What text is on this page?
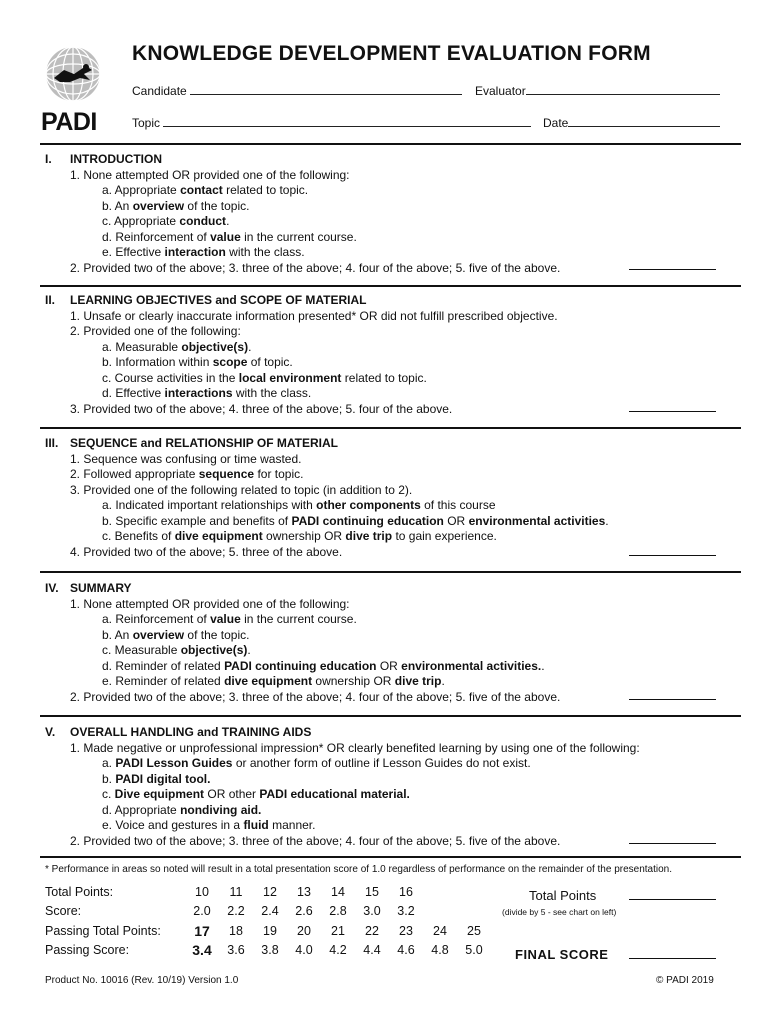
PADI
KNOWLEDGE DEVELOPMENT EVALUATION FORM
Candidate	Evaluator
Topic	Date
I. INTRODUCTION
1. None attempted OR provided one of the following:
a. Appropriate contact related to topic.
b. An overview of the topic.
c. Appropriate conduct.
d. Reinforcement of value in the current course.
e. Effective interaction with the class.
2. Provided two of the above; 3. three of the above; 4. four of the above; 5. five of the above.
II. LEARNING OBJECTIVES and SCOPE OF MATERIAL
1. Unsafe or clearly inaccurate information presented* OR did not fulfill prescribed objective.
2. Provided one of the following:
a. Measurable objective(s).
b. Information within scope of topic.
c. Course activities in the local environment related to topic.
d. Effective interactions with the class.
3. Provided two of the above; 4. three of the above; 5. four of the above.
III. SEQUENCE and RELATIONSHIP OF MATERIAL
1. Sequence was confusing or time wasted.
2. Followed appropriate sequence for topic.
3. Provided one of the following related to topic (in addition to 2).
a. Indicated important relationships with other components of this course
b. Specific example and benefits of PADI continuing education OR environmental activities.
c. Benefits of dive equipment ownership OR dive trip to gain experience.
4. Provided two of the above; 5. three of the above.
IV. SUMMARY
1. None attempted OR provided one of the following:
a. Reinforcement of value in the current course.
b. An overview of the topic.
c. Measurable objective(s).
d. Reminder of related PADI continuing education OR environmental activities..
e. Reminder of related dive equipment ownership OR dive trip.
2. Provided two of the above; 3. three of the above; 4. four of the above; 5. five of the above.
V. OVERALL HANDLING and TRAINING AIDS
1. Made negative or unprofessional impression* OR clearly benefited learning by using one of the following:
a. PADI Lesson Guides or another form of outline if Lesson Guides do not exist.
b. PADI digital tool.
c. Dive equipment OR other PADI educational material.
d. Appropriate nondiving aid.
e. Voice and gestures in a fluid manner.
2. Provided two of the above; 3. three of the above; 4. four of the above; 5. five of the above.
* Performance in areas so noted will result in a total presentation score of 1.0 regardless of performance on the remainder of the presentation.
Total Points:	10	11	12	13	14	15	16		
Score:	2.0	2.2	2.4	2.6	2.8	3.0	3.2		
Passing Total Points:	17	18	19	20	21	22	23	24	25
Passing Score:	3.4	3.6	3.8	4.0	4.2	4.4	4.6	4.8	5.0
Total Points
(divide by 5 - see chart on left)
FINAL SCORE
Product No. 10016 (Rev. 10/19) Version 1.0	© PADI 2019
